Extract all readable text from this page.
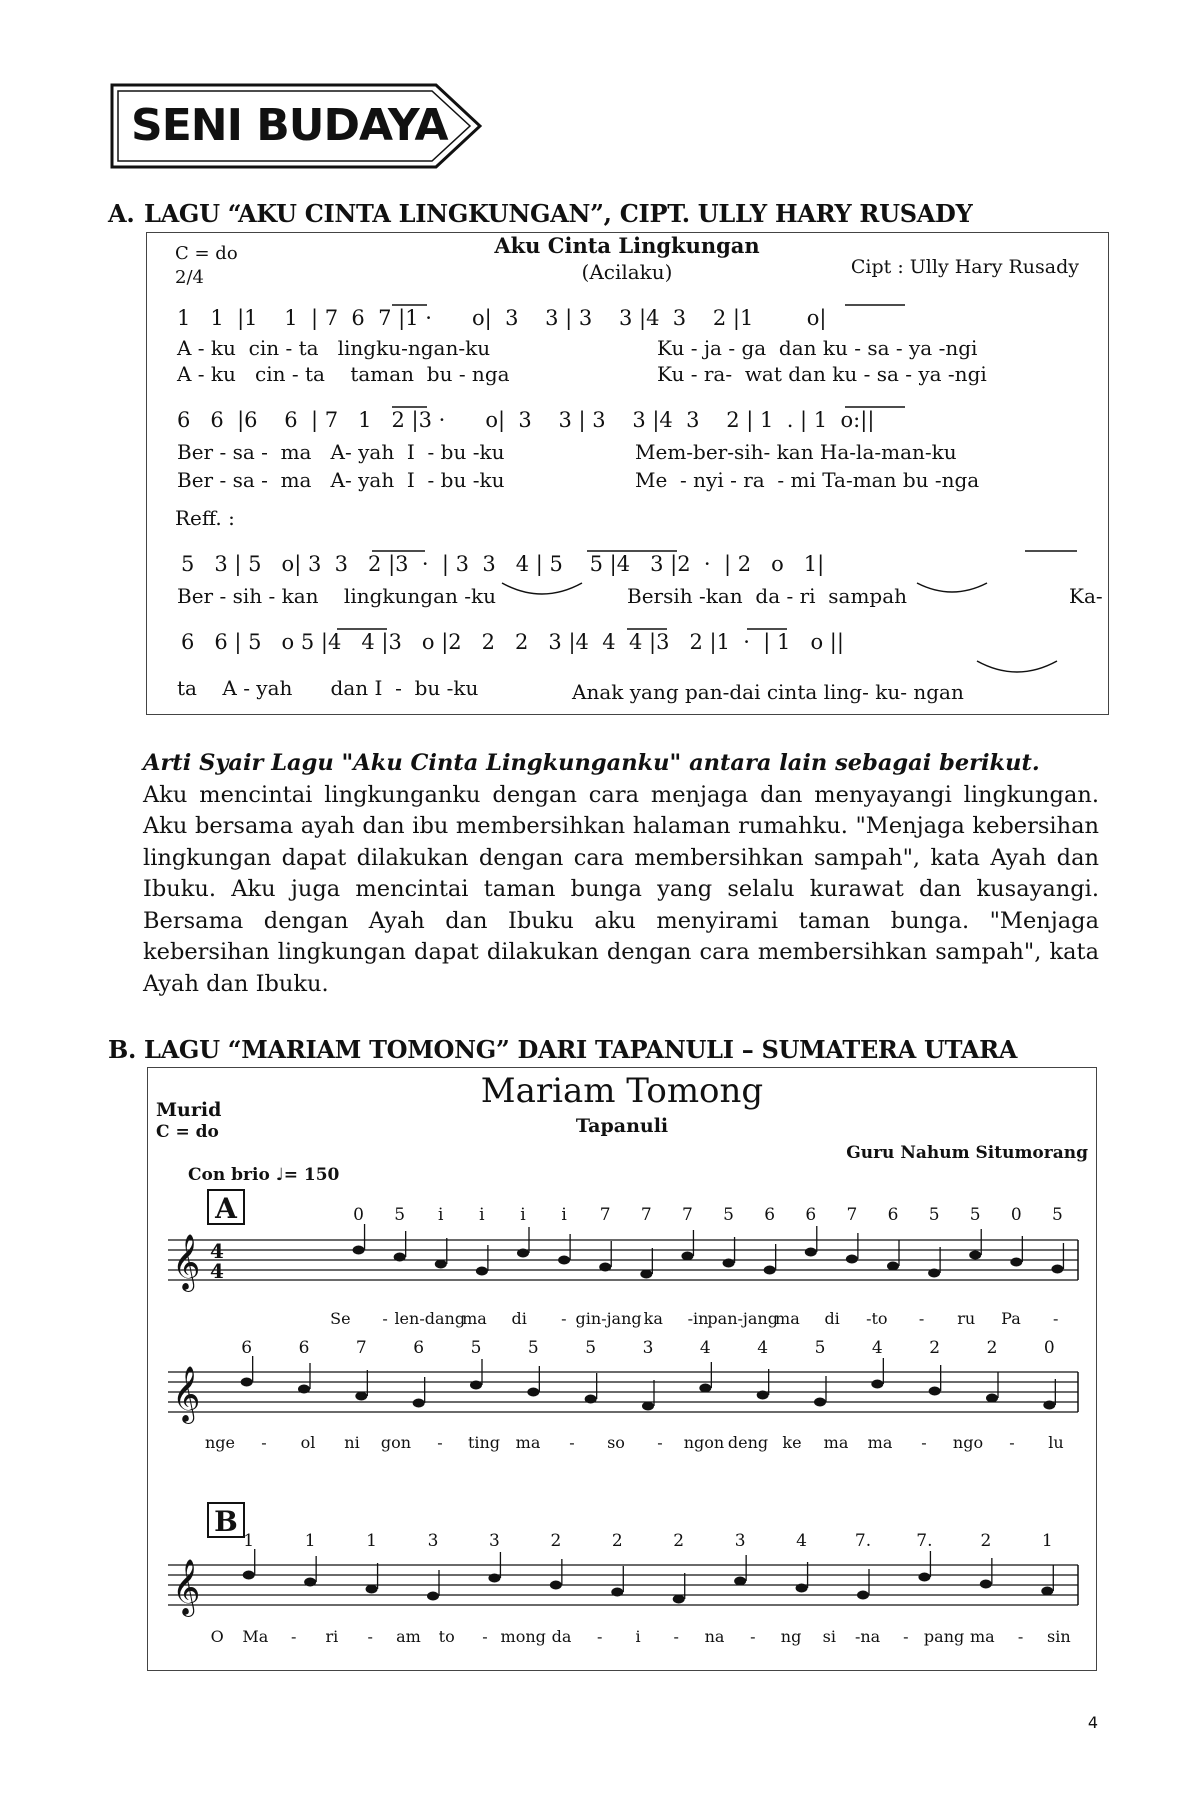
SENI BUDAYA
A. LAGU “AKU CINTA LINGKUNGAN”, CIPT. ULLY HARY RUSADY
C = do
2/4
Aku Cinta Lingkungan
(Acilaku)	Cipt : Ully Hary Rusady
1   1  |1    1  | 7  6  7 |1 ·      o|  3    3 | 3    3 |4  3    2 |1        o|
A - ku  cin - ta   lingku-ngan-ku	Ku - ja - ga  dan ku - sa - ya -ngi
A - ku   cin - ta    taman  bu - nga	Ku - ra-  wat dan ku - sa - ya -ngi
6   6  |6    6  | 7   1   2 |3 ·      o|  3    3 | 3    3 |4  3    2 | 1  . | 1  o:||
Ber - sa -  ma   A- yah  I  - bu -ku	Mem-ber-sih- kan Ha-la-man-ku
Ber - sa -  ma   A- yah  I  - bu -ku	Me  - nyi - ra  - mi Ta-man bu -nga
Reff. :
5   3 | 5   o| 3  3   2 |3  ·  | 3  3   4 | 5    5 |4   3 |2  ·  | 2   o   1|
Ber - sih - kan    lingkungan -ku	Bersih -kan  da - ri  sampah	Ka-
6   6 | 5   o 5 |4   4 |3   o |2   2   2   3 |4  4  4 |3   2 |1  ·  | 1   o ||
ta    A - yah      dan I  -  bu -ku	Anak yang pan-dai cinta ling- ku- ngan
Arti Syair Lagu "Aku Cinta Lingkunganku" antara lain sebagai berikut.
Aku mencintai lingkunganku dengan cara menjaga dan menyayangi lingkungan. Aku bersama ayah dan ibu membersihkan halaman rumahku. "Menjaga kebersihan lingkungan dapat dilakukan dengan cara membersihkan sampah", kata Ayah dan Ibuku. Aku juga mencintai taman bunga yang selalu kurawat dan kusayangi. Bersama dengan Ayah dan Ibuku aku menyirami taman bunga. "Menjaga kebersihan lingkungan dapat dilakukan dengan cara membersihkan sampah", kata Ayah dan Ibuku.
B. LAGU “MARIAM TOMONG” DARI TAPANULI – SUMATERA UTARA
Mariam Tomong
Tapanuli
Murid
C = do
Guru Nahum Situmorang
Con brio ♩= 150
A
B
𝄞
0 5 i i i i 7 7 7 5 6 6 7 6 5 5 0 5
Se - len-dang
ma di - gin-jang ka -in pan-jang
ma di -to - ru Pa -
𝄞
6	6	7	6	5	5	5	3	4	4	5	4	2	2	0
nge - ol ni gon - ting ma - so - ngon deng ke ma ma - ngo - lu
𝄞
1	1	1	3	3	2	2	2	3	4	7.	7.	2	1
O Ma - ri - am to - mong da - i - na - ng si -na - pang ma - sin
4
4
4
